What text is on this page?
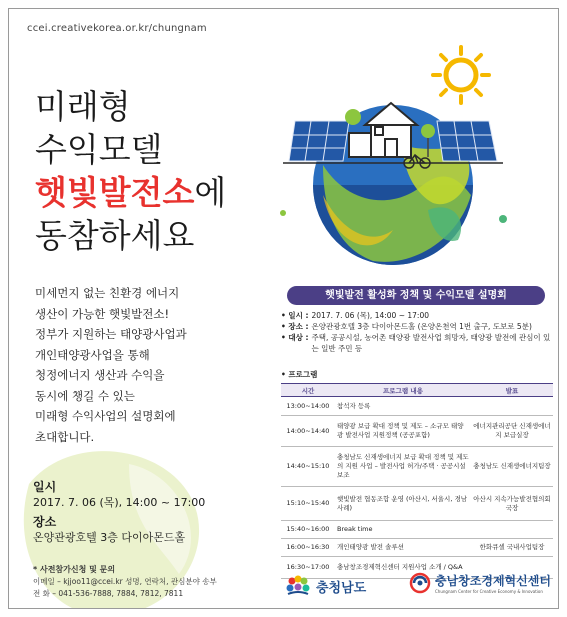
ccei.creativekorea.or.kr/chungnam
미래형
수익모델
햇빛발전소에
동참하세요
미세먼지 없는 친환경 에너지
생산이 가능한 햇빛발전소!
정부가 지원하는 태양광사업과
개인태양광사업을 통해
청정에너지 생산과 수익을
동시에 챙길 수 있는
미래형 수익사업의 설명회에
초대합니다.
일시
2017. 7. 06 (목), 14:00 ~ 17:00
장소
온양관광호텔 3층 다이아몬드홀
* 사전참가신청 및 문의
이메일 – kjjoo11@ccei.kr 성명, 연락처, 관심분야 송부
전 화 – 041-536-7888, 7884, 7812, 7811
햇빛발전 활성화 정책 및 수익모델 설명회
• 일시 : 2017. 7. 06 (목), 14:00 ~ 17:00
• 장소 : 온양관광호텔 3층 다이아몬드홀 (온양온천역 1번 출구, 도보로 5분)
• 대상 : 주택, 공공시설, 농어촌 태양광 발전사업 희망자, 태양광 발전에 관심이 있는 일반 주민 등
• 프로그램
시간	프로그램 내용	발표
13:00~14:00	참석자 등록	
14:00~14:40	태양광 보급 확대 정책 및 제도 – 소규모 태양광 발전사업 지원정책 (공공포함)	에너지관리공단 신재생에너지 보급실장
14:40~15:10	충청남도 신재생에너지 보급 확대 정책 및 제도의 지원 사업 – 발전사업 허가/주택 · 공공시설 보조	충청남도 신재생에너지팀장
15:10~15:40	햇빛발전 협동조합 운영 (아산시, 서울시, 경남 사례)	아산시 지속가능발전협의회 국장
15:40~16:00	Break time	
16:00~16:30	개인태양광 발전 솔루션	한화큐셀 국내사업팀장
16:30~17:00	충남창조경제혁신센터 지원사업 소개 / Q&A	
충청남도	충남창조경제혁신센터
Chungnam Center for Creative Economy & Innovation
